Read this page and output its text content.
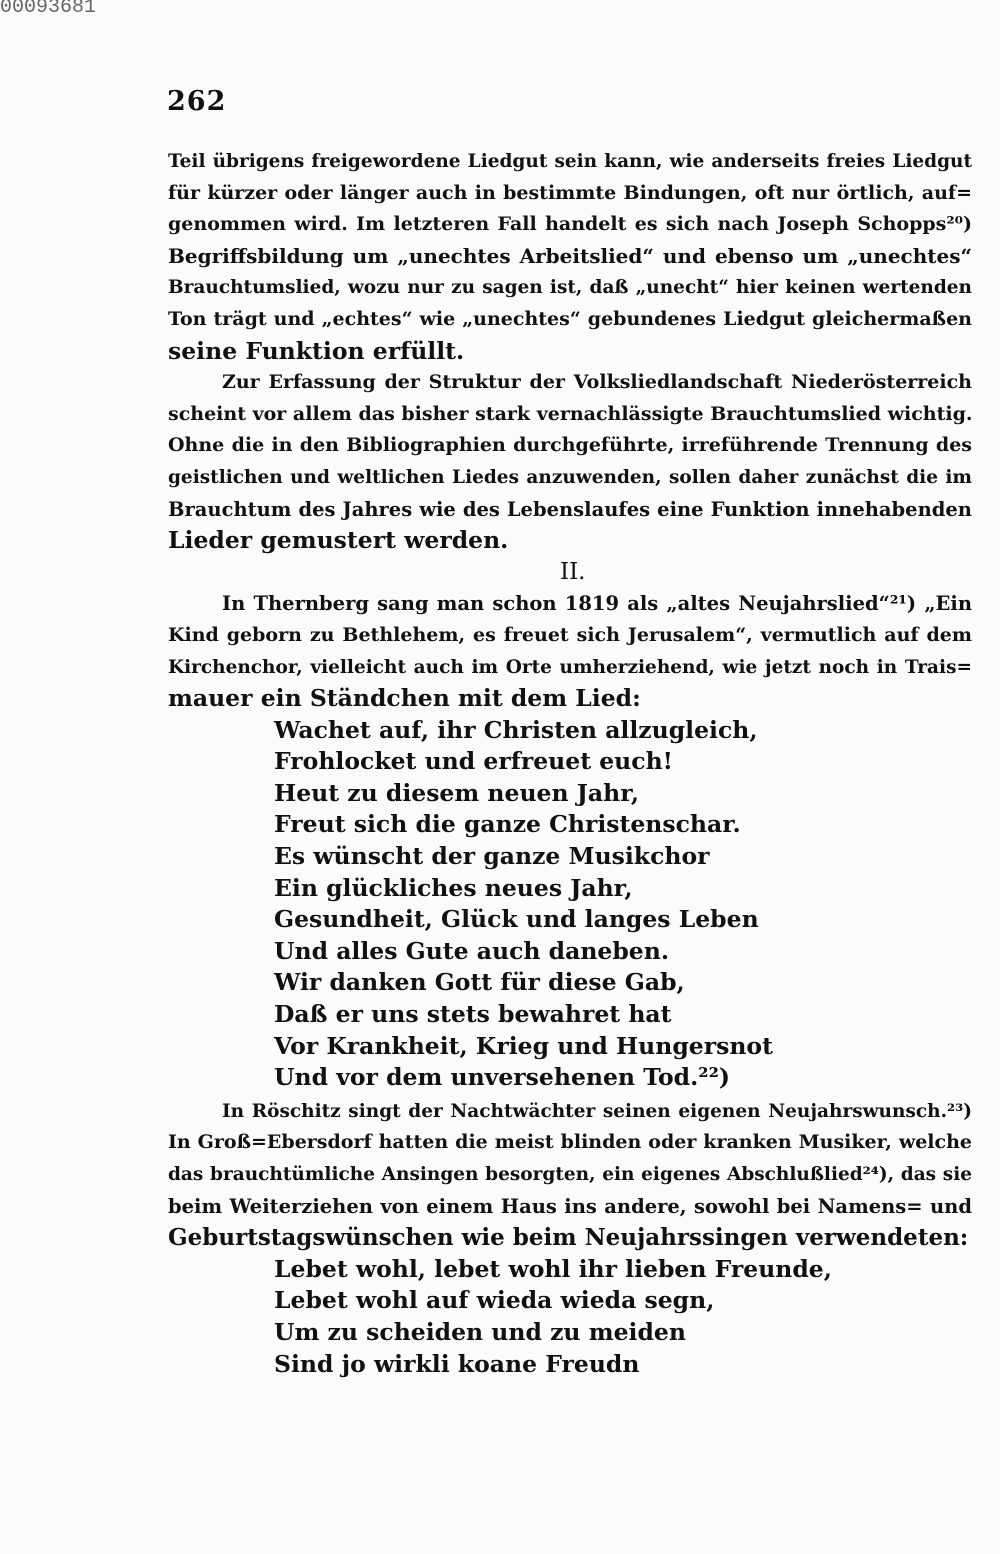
00093681
262
Teil übrigens freigewordene Liedgut sein kann, wie anderseits freies Liedgut
für kürzer oder länger auch in bestimmte Bindungen, oft nur örtlich, auf=
genommen wird. Im letzteren Fall handelt es sich nach Joseph Schopps²⁰)
Begriffsbildung um „unechtes Arbeitslied“ und ebenso um „unechtes“
Brauchtumslied, wozu nur zu sagen ist, daß „unecht“ hier keinen wertenden
Ton trägt und „echtes“ wie „unechtes“ gebundenes Liedgut gleichermaßen
seine Funktion erfüllt.
Zur Erfassung der Struktur der Volksliedlandschaft Niederösterreich
scheint vor allem das bisher stark vernachlässigte Brauchtumslied wichtig.
Ohne die in den Bibliographien durchgeführte, irreführende Trennung des
geistlichen und weltlichen Liedes anzuwenden, sollen daher zunächst die im
Brauchtum des Jahres wie des Lebenslaufes eine Funktion innehabenden
Lieder gemustert werden.
II.
In Thernberg sang man schon 1819 als „altes Neujahrslied“²¹) „Ein
Kind geborn zu Bethlehem, es freuet sich Jerusalem“, vermutlich auf dem
Kirchenchor, vielleicht auch im Orte umherziehend, wie jetzt noch in Trais=
mauer ein Ständchen mit dem Lied:
Wachet auf, ihr Christen allzugleich,
Frohlocket und erfreuet euch!
Heut zu diesem neuen Jahr,
Freut sich die ganze Christenschar.
Es wünscht der ganze Musikchor
Ein glückliches neues Jahr,
Gesundheit, Glück und langes Leben
Und alles Gute auch daneben.
Wir danken Gott für diese Gab,
Daß er uns stets bewahret hat
Vor Krankheit, Krieg und Hungersnot
Und vor dem unversehenen Tod.²²)
In Röschitz singt der Nachtwächter seinen eigenen Neujahrswunsch.²³)
In Groß=Ebersdorf hatten die meist blinden oder kranken Musiker, welche
das brauchtümliche Ansingen besorgten, ein eigenes Abschlußlied²⁴), das sie
beim Weiterziehen von einem Haus ins andere, sowohl bei Namens= und
Geburtstagswünschen wie beim Neujahrssingen verwendeten:
Lebet wohl, lebet wohl ihr lieben Freunde,
Lebet wohl auf wieda wieda segn,
Um zu scheiden und zu meiden
Sind jo wirkli koane Freudn
